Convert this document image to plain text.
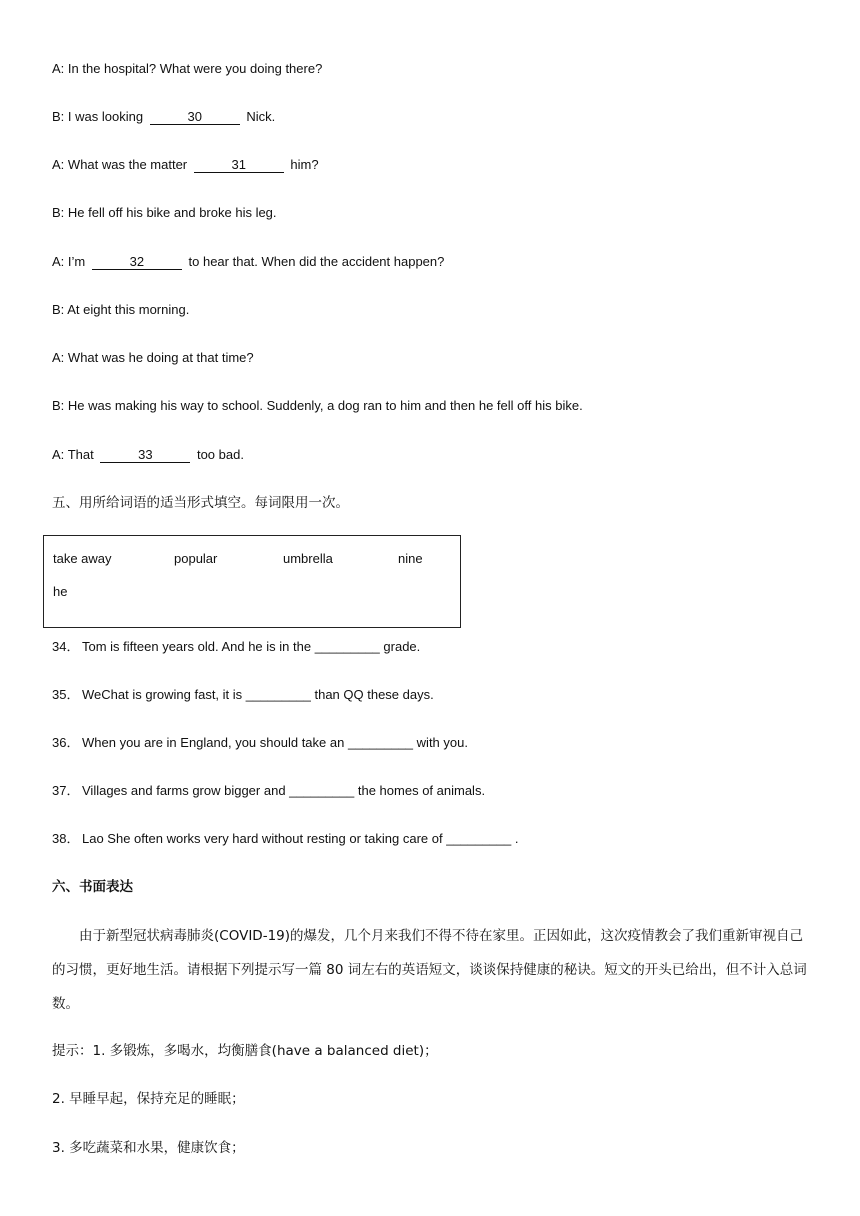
A: In the hospital? What were you doing there?
B: I was looking	30	Nick.
A: What was the matter	31	him?
B: He fell off his bike and broke his leg.
A: I’m	32	to hear that. When did the accident happen?
B: At eight this morning.
A: What was he doing at that time?
B: He was making his way to school. Suddenly, a dog ran to him and then he fell off his bike.
A: That	33	too bad.
五、用所给词语的适当形式填空。每词限用一次。
take away	popular	umbrella	nine
he
34． Tom is fifteen years old. And he is in the _________ grade.
35． WeChat is growing fast, it is _________ than QQ these days.
36． When you are in England, you should take an _________ with you.
37． Villages and farms grow bigger and _________ the homes of animals.
38． Lao She often works very hard without resting or taking care of _________ .
六、书面表达
由于新型冠状病毒肺炎(COVID-19)的爆发，几个月来我们不得不待在家里。正因如此，这次疫情教会了我们重新审视自己的习惯，更好地生活。请根据下列提示写一篇 80 词左右的英语短文，谈谈保持健康的秘诀。短文的开头已给出，但不计入总词数。
提示：1. 多锻炼，多喝水，均衡膳食(have a balanced diet)；
2. 早睡早起，保持充足的睡眠；
3. 多吃蔬菜和水果，健康饮食；
